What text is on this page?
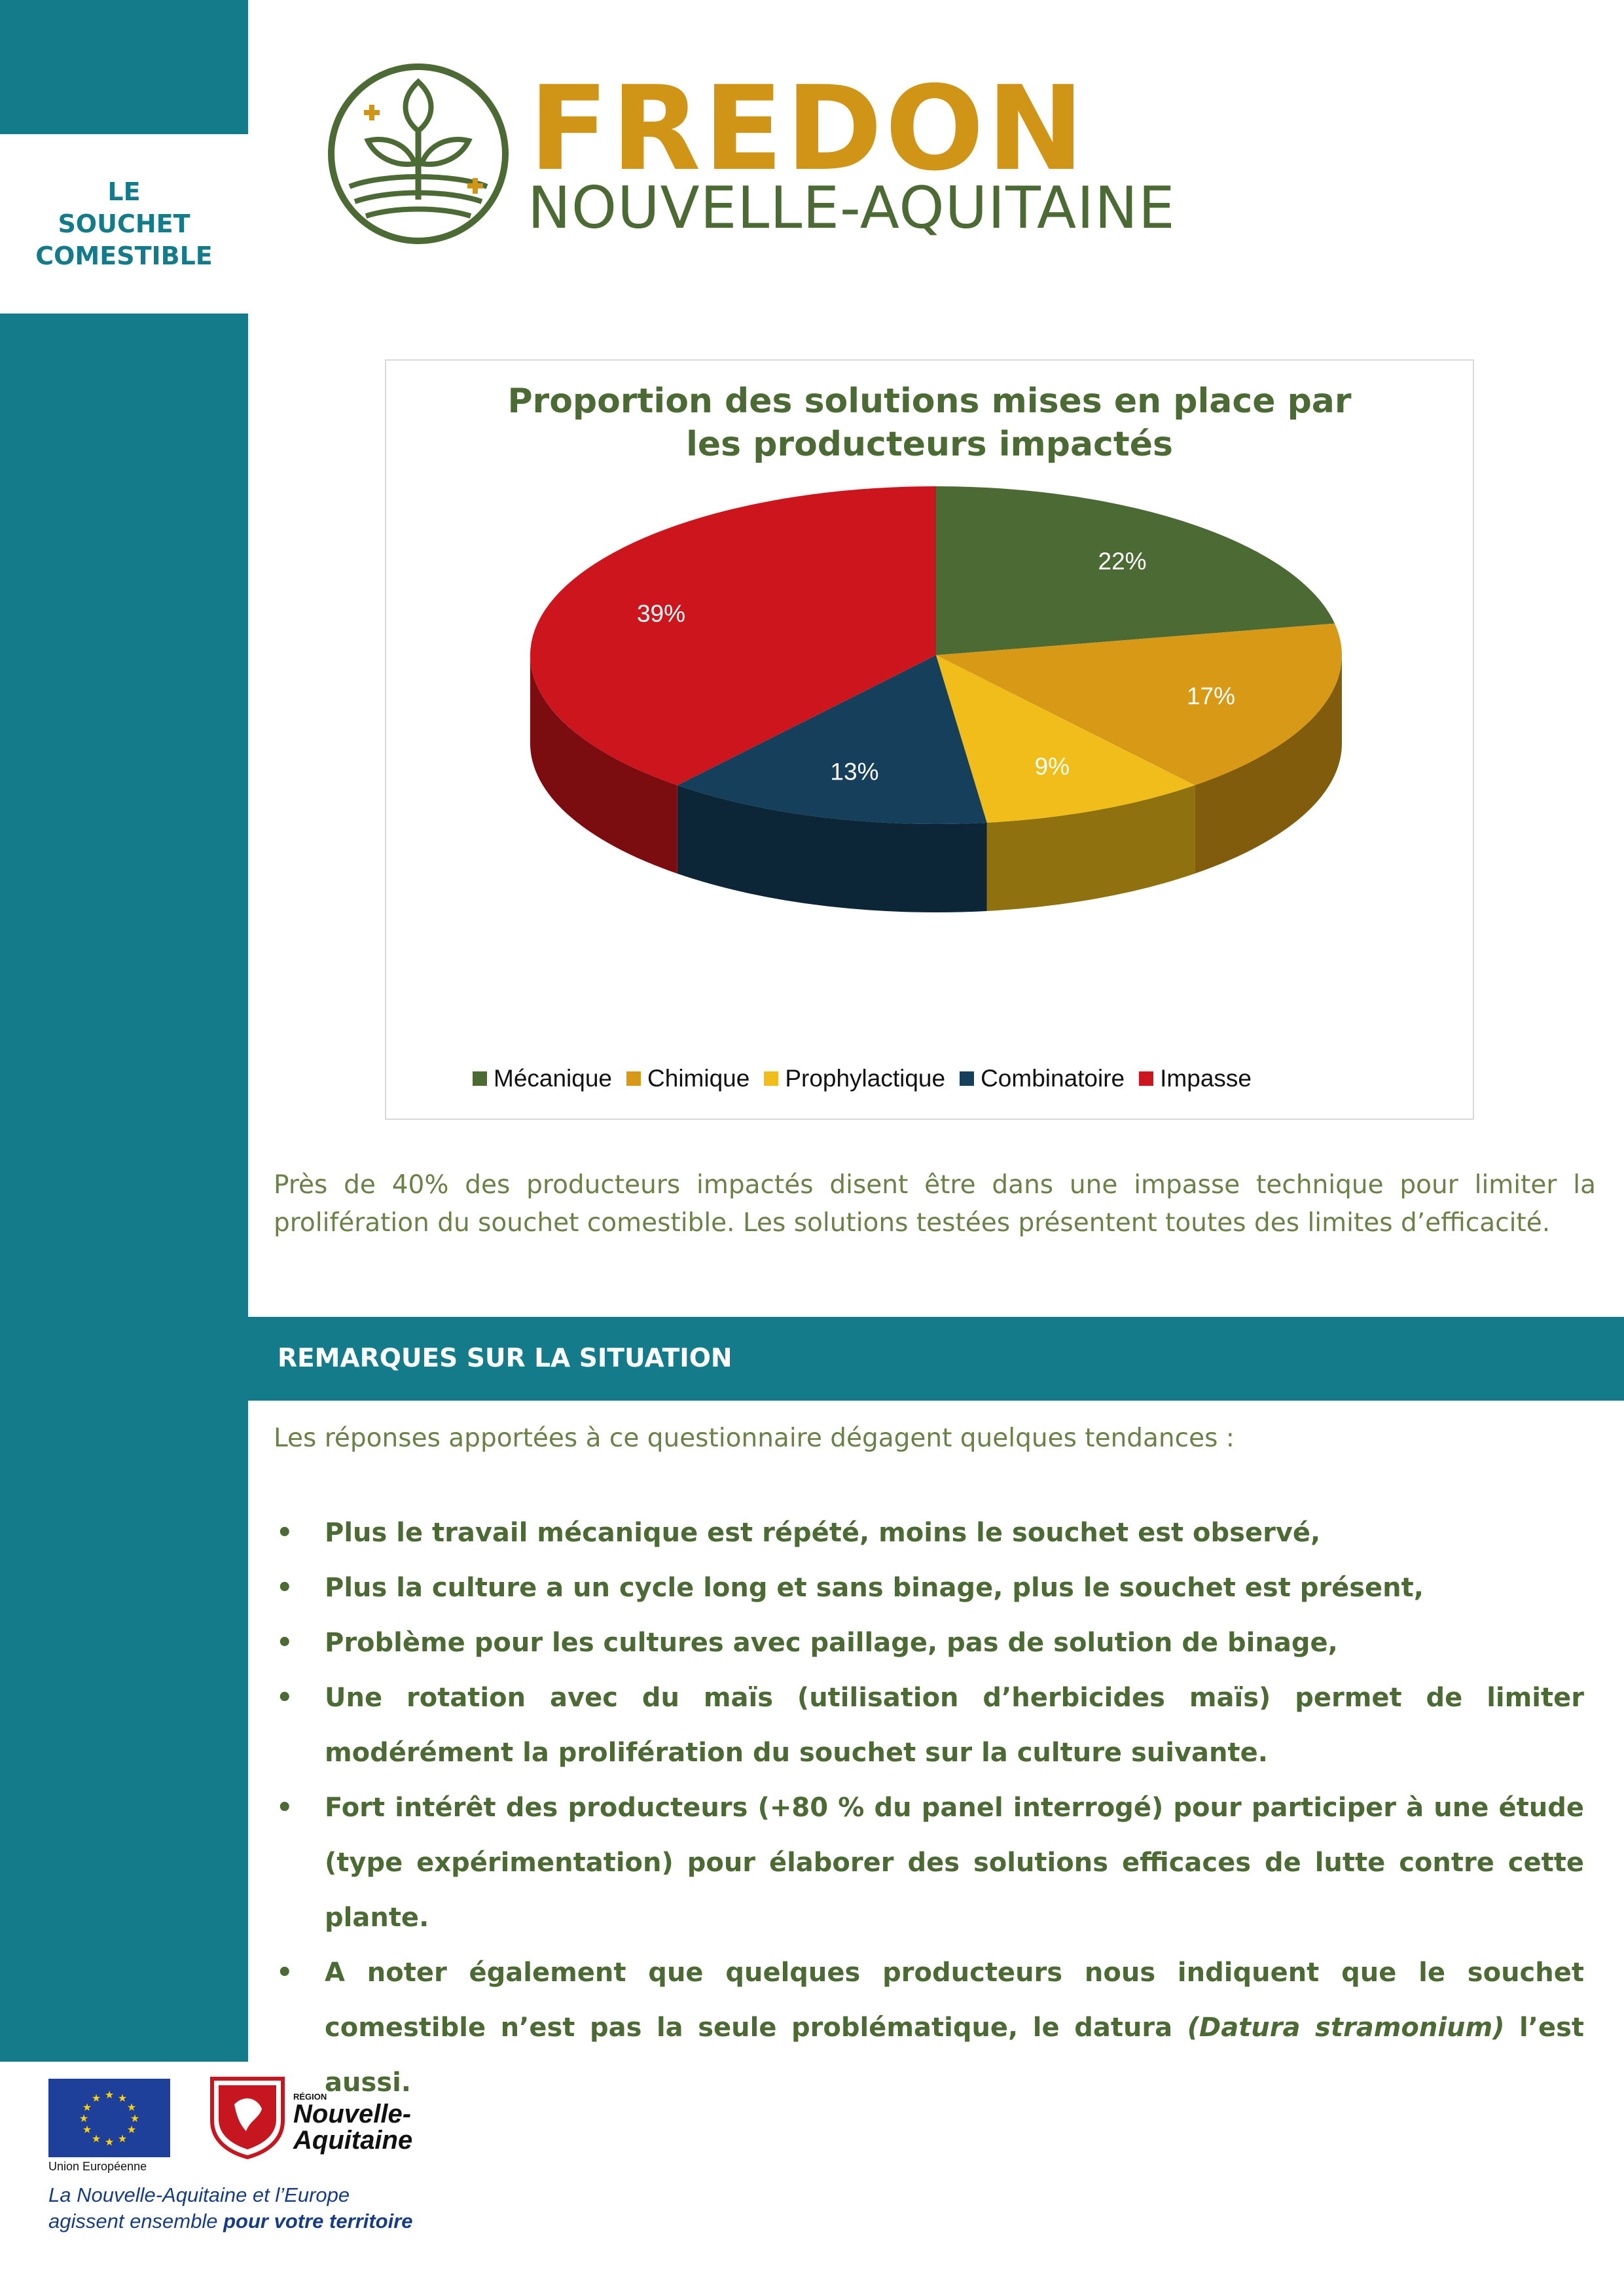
LE
SOUCHET
COMESTIBLE
FREDON
NOUVELLE-AQUITAINE
Proportion des solutions mises en place par
les producteurs impactés
22%
17%
9%
13%
39%
Mécanique Chimique Prophylactique Combinatoire Impasse
Près de 40% des producteurs impactés disent être dans une impasse technique pour limiter la prolifération du souchet comestible. Les solutions testées présentent toutes des limites d’efficacité.
REMARQUES SUR LA SITUATION
Les réponses apportées à ce questionnaire dégagent quelques tendances :
• Plus le travail mécanique est répété, moins le souchet est observé,
• Plus la culture a un cycle long et sans binage, plus le souchet est présent,
• Problème pour les cultures avec paillage, pas de solution de binage,
• Une rotation avec du maïs (utilisation d’herbicides maïs) permet de limiter modérément la prolifération du souchet sur la culture suivante.
• Fort intérêt des producteurs (+80 % du panel interrogé) pour participer à une étude (type expérimentation) pour élaborer des solutions efficaces de lutte contre cette plante.
• A noter également que quelques producteurs nous indiquent que le souchet comestible n’est pas la seule problématique, le datura (Datura stramonium) l’est aussi.
★ ★
★
★
★
★
★
★
★
★
★
★
Union Européenne
RÉGION
Nouvelle-
Aquitaine
La Nouvelle-Aquitaine et l’Europe
agissent ensemble pour votre territoire
